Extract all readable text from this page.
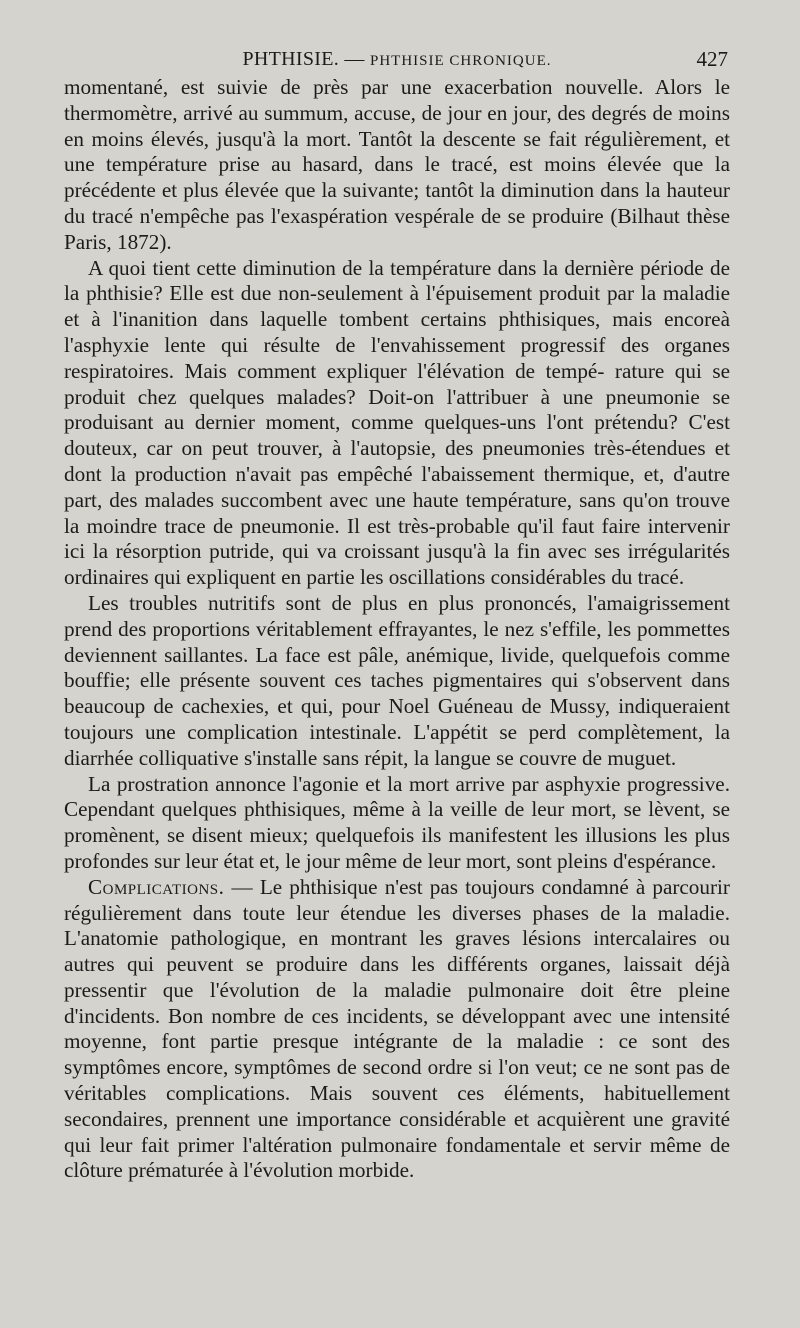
PHTHISIE. — PHTHISIE CHRONIQUE.	427

momentané, est suivie de près par une exacerbation nouvelle. Alors le thermomètre, arrivé au summum, accuse, de jour en jour, des degrés de moins en moins élevés, jusqu'à la mort. Tantôt la descente se fait régulièrement, et une température prise au hasard, dans le tracé, est moins élevée que la précédente et plus élevée que la suivante; tantôt la diminution dans la hauteur du tracé n'empêche pas l'exaspération vespérale de se produire (Bilhaut thèse Paris, 1872).

A quoi tient cette diminution de la température dans la dernière période de la phthisie? Elle est due non-seulement à l'épuisement produit par la maladie et à l'inanition dans laquelle tombent certains phthisiques, mais encoreà l'asphyxie lente qui résulte de l'envahissement progressif des organes respiratoires. Mais comment expliquer l'élévation de tempé- rature qui se produit chez quelques malades? Doit-on l'attribuer à une pneumonie se produisant au dernier moment, comme quelques-uns l'ont prétendu? C'est douteux, car on peut trouver, à l'autopsie, des pneumonies très-étendues et dont la production n'avait pas empêché l'abaissement thermique, et, d'autre part, des malades succombent avec une haute température, sans qu'on trouve la moindre trace de pneumonie. Il est très-probable qu'il faut faire intervenir ici la résorption putride, qui va croissant jusqu'à la fin avec ses irrégularités ordinaires qui expliquent en partie les oscillations considérables du tracé.

Les troubles nutritifs sont de plus en plus prononcés, l'amaigrissement prend des proportions véritablement effrayantes, le nez s'effile, les pommettes deviennent saillantes. La face est pâle, anémique, livide, quelquefois comme bouffie; elle présente souvent ces taches pigmentaires qui s'observent dans beaucoup de cachexies, et qui, pour Noel Guéneau de Mussy, indiqueraient toujours une complication intestinale. L'appétit se perd complètement, la diarrhée colliquative s'installe sans répit, la langue se couvre de muguet.

La prostration annonce l'agonie et la mort arrive par asphyxie progressive. Cependant quelques phthisiques, même à la veille de leur mort, se lèvent, se promènent, se disent mieux; quelquefois ils manifestent les illusions les plus profondes sur leur état et, le jour même de leur mort, sont pleins d'espérance.

Complications. — Le phthisique n'est pas toujours condamné à parcourir régulièrement dans toute leur étendue les diverses phases de la maladie. L'anatomie pathologique, en montrant les graves lésions intercalaires ou autres qui peuvent se produire dans les différents organes, laissait déjà pressentir que l'évolution de la maladie pulmonaire doit être pleine d'incidents. Bon nombre de ces incidents, se développant avec une intensité moyenne, font partie presque intégrante de la maladie : ce sont des symptômes encore, symptômes de second ordre si l'on veut; ce ne sont pas de véritables complications. Mais souvent ces éléments, habituellement secondaires, prennent une importance considérable et acquièrent une gravité qui leur fait primer l'altération pulmonaire fondamentale et servir même de clôture prématurée à l'évolution morbide.
